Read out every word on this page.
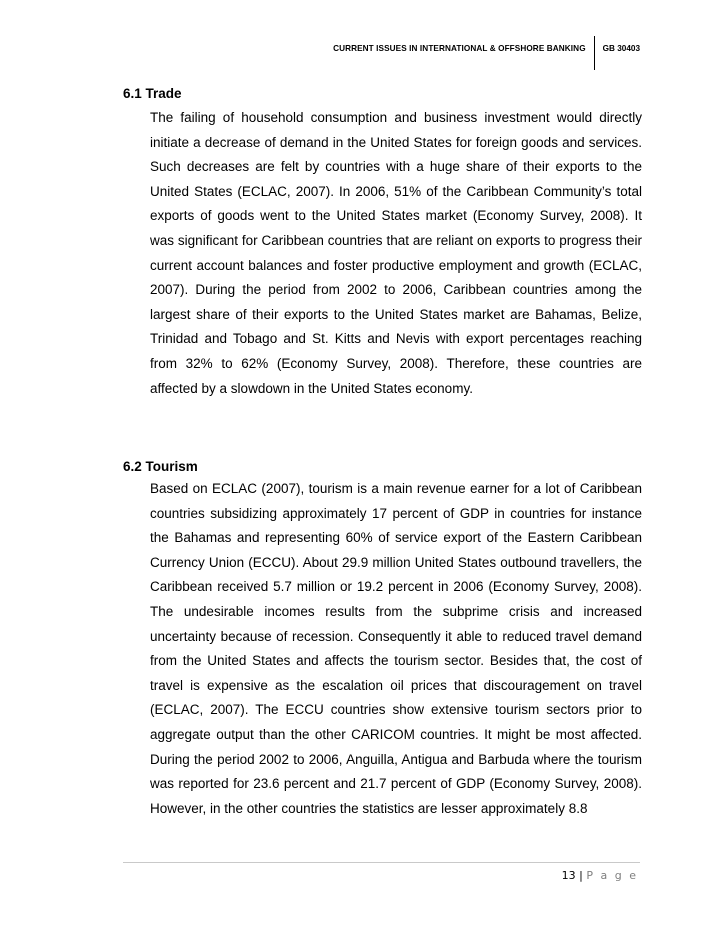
CURRENT ISSUES IN INTERNATIONAL & OFFSHORE BANKING	GB 30403
6.1 Trade
The failing of household consumption and business investment would directly initiate a decrease of demand in the United States for foreign goods and services. Such decreases are felt by countries with a huge share of their exports to the United States (ECLAC, 2007). In 2006, 51% of the Caribbean Community’s total exports of goods went to the United States market (Economy Survey, 2008). It was significant for Caribbean countries that are reliant on exports to progress their current account balances and foster productive employment and growth (ECLAC, 2007). During the period from 2002 to 2006, Caribbean countries among the largest share of their exports to the United States market are Bahamas, Belize, Trinidad and Tobago and St. Kitts and Nevis with export percentages reaching from 32% to 62% (Economy Survey, 2008). Therefore, these countries are affected by a slowdown in the United States economy.
6.2 Tourism
Based on ECLAC (2007), tourism is a main revenue earner for a lot of Caribbean countries subsidizing approximately 17 percent of GDP in countries for instance the Bahamas and representing 60% of service export of the Eastern Caribbean Currency Union (ECCU). About 29.9 million United States outbound travellers, the Caribbean received 5.7 million or 19.2 percent in 2006 (Economy Survey, 2008). The undesirable incomes results from the subprime crisis and increased uncertainty because of recession. Consequently it able to reduced travel demand from the United States and affects the tourism sector. Besides that, the cost of travel is expensive as the escalation oil prices that discouragement on travel (ECLAC, 2007). The ECCU countries show extensive tourism sectors prior to aggregate output than the other CARICOM countries. It might be most affected. During the period 2002 to 2006, Anguilla, Antigua and Barbuda where the tourism was reported for 23.6 percent and 21.7 percent of GDP (Economy Survey, 2008). However, in the other countries the statistics are lesser approximately 8.8
13 | P a g e
